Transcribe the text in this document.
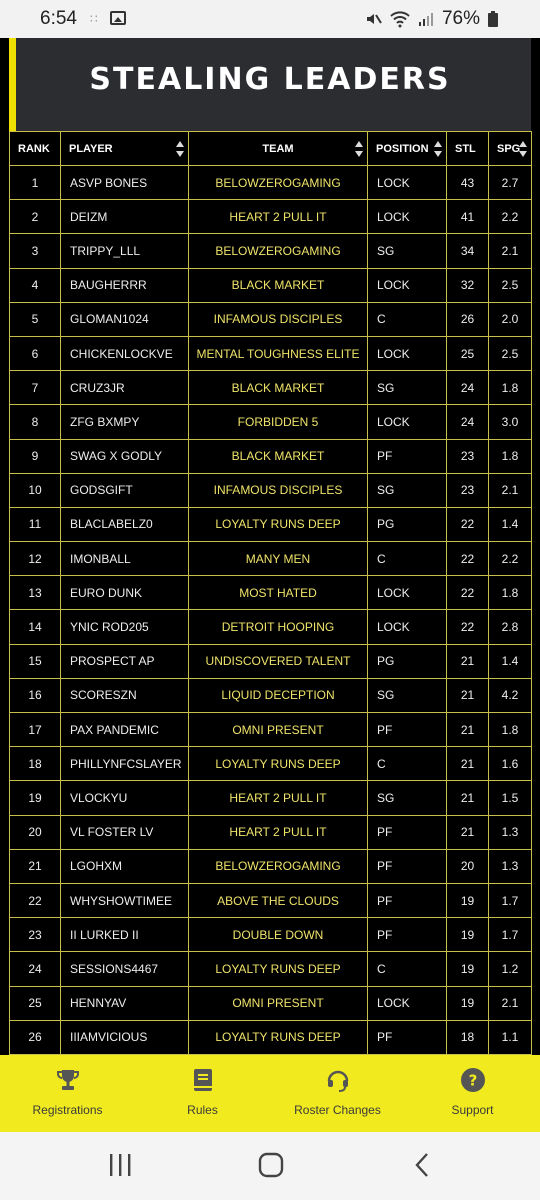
6:54 ∷	76%
STEALING LEADERS
RANK	PLAYER	TEAM	POSITION	STL	SPG

1	ASVP BONES	BELOWZEROGAMING	LOCK	43	2.7
2	DEIZM	HEART 2 PULL IT	LOCK	41	2.2
3	TRIPPY_LLL	BELOWZEROGAMING	SG	34	2.1
4	BAUGHERRR	BLACK MARKET	LOCK	32	2.5
5	GLOMAN1024	INFAMOUS DISCIPLES	C	26	2.0
6	CHICKENLOCKVE	MENTAL TOUGHNESS ELITE	LOCK	25	2.5
7	CRUZ3JR	BLACK MARKET	SG	24	1.8
8	ZFG BXMPY	FORBIDDEN 5	LOCK	24	3.0
9	SWAG X GODLY	BLACK MARKET	PF	23	1.8
10	GODSGIFT	INFAMOUS DISCIPLES	SG	23	2.1
11	BLACLABELZ0	LOYALTY RUNS DEEP	PG	22	1.4
12	IMONBALL	MANY MEN	C	22	2.2
13	EURO DUNK	MOST HATED	LOCK	22	1.8
14	YNIC ROD205	DETROIT HOOPING	LOCK	22	2.8
15	PROSPECT AP	UNDISCOVERED TALENT	PG	21	1.4
16	SCORESZN	LIQUID DECEPTION	SG	21	4.2
17	PAX PANDEMIC	OMNI PRESENT	PF	21	1.8
18	PHILLYNFCSLAYER	LOYALTY RUNS DEEP	C	21	1.6
19	VLOCKYU	HEART 2 PULL IT	SG	21	1.5
20	VL FOSTER LV	HEART 2 PULL IT	PF	21	1.3
21	LGOHXM	BELOWZEROGAMING	PF	20	1.3
22	WHYSHOWTIMEE	ABOVE THE CLOUDS	PF	19	1.7
23	II LURKED II	DOUBLE DOWN	PF	19	1.7
24	SESSIONS4467	LOYALTY RUNS DEEP	C	19	1.2
25	HENNYAV	OMNI PRESENT	LOCK	19	2.1
26	IIIAMVICIOUS	LOYALTY RUNS DEEP	PF	18	1.1

Registrations	Rules	Roster Changes
?
Support
